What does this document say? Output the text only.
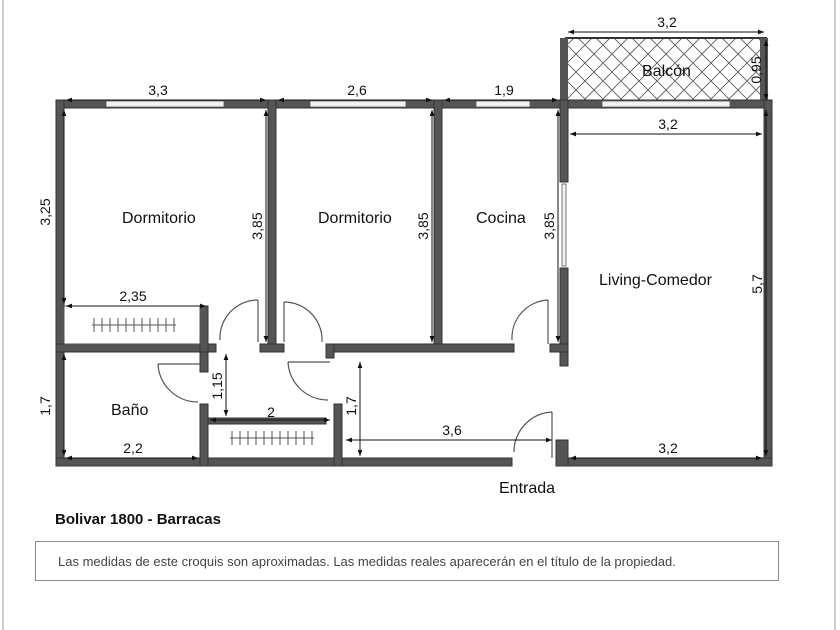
Dormitorio	Dormitorio	Cocina
Living-Comedor
Baño
Balcón
Entrada
3,3	2,6	1,9
3,2
3,2
2,35
2,2
2
3,6
3,2
3,25
3,85	3,85	3,85
0,95
5,7
1,7
1,15
1,7
Bolivar 1800 - Barracas
Las medidas de este croquis son aproximadas. Las medidas reales aparecerán en el título de la propiedad.
